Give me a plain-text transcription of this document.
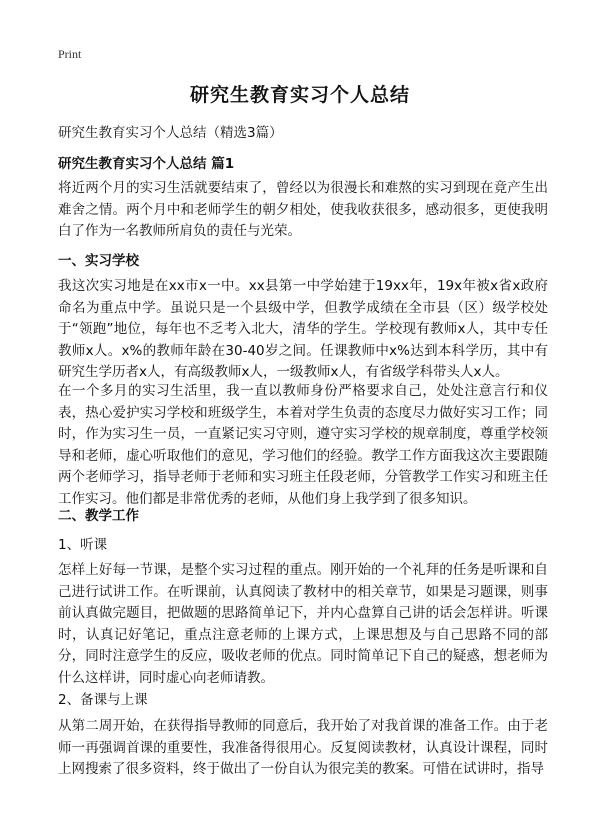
Print
研究生教育实习个人总结
研究生教育实习个人总结（精选3篇）
研究生教育实习个人总结 篇1
将近两个月的实习生活就要结束了，曾经以为很漫长和难熬的实习到现在竟产生出难舍之情。两个月中和老师学生的朝夕相处，使我收获很多，感动很多，更使我明白了作为一名教师所肩负的责任与光荣。
一、实习学校
我这次实习地是在xx市x一中。xx县第一中学始建于19xx年，19x年被x省x政府命名为重点中学。虽说只是一个县级中学，但教学成绩在全市县（区）级学校处于“领跑”地位，每年也不乏考入北大，清华的学生。学校现有教师x人，其中专任教师x人。x%的教师年龄在30-40岁之间。任课教师中x%达到本科学历，其中有研究生学历者x人，有高级教师x人，一级教师x人，有省级学科带头人x人。
在一个多月的实习生活里，我一直以教师身份严格要求自己，处处注意言行和仪表，热心爱护实习学校和班级学生，本着对学生负责的态度尽力做好实习工作；同时，作为实习生一员，一直紧记实习守则，遵守实习学校的规章制度，尊重学校领导和老师，虚心听取他们的意见，学习他们的经验。教学工作方面我这次主要跟随两个老师学习，指导老师于老师和实习班主任段老师，分管教学工作实习和班主任工作实习。他们都是非常优秀的老师，从他们身上我学到了很多知识。
二、教学工作
1、听课
怎样上好每一节课，是整个实习过程的重点。刚开始的一个礼拜的任务是听课和自己进行试讲工作。在听课前，认真阅读了教材中的相关章节，如果是习题课，则事前认真做完题目，把做题的思路简单记下，并内心盘算自己讲的话会怎样讲。听课时，认真记好笔记，重点注意老师的上课方式，上课思想及与自己思路不同的部分，同时注意学生的反应，吸收老师的优点。同时简单记下自己的疑惑，想老师为什么这样讲，同时虚心向老师请教。
2、备课与上课
从第二周开始，在获得指导教师的同意后，我开始了对我首课的准备工作。由于老师一再强调首课的重要性，我准备得很用心。反复阅读教材，认真设计课程，同时上网搜索了很多资料，终于做出了一份自认为很完美的教案。可惜在试讲时，指导
